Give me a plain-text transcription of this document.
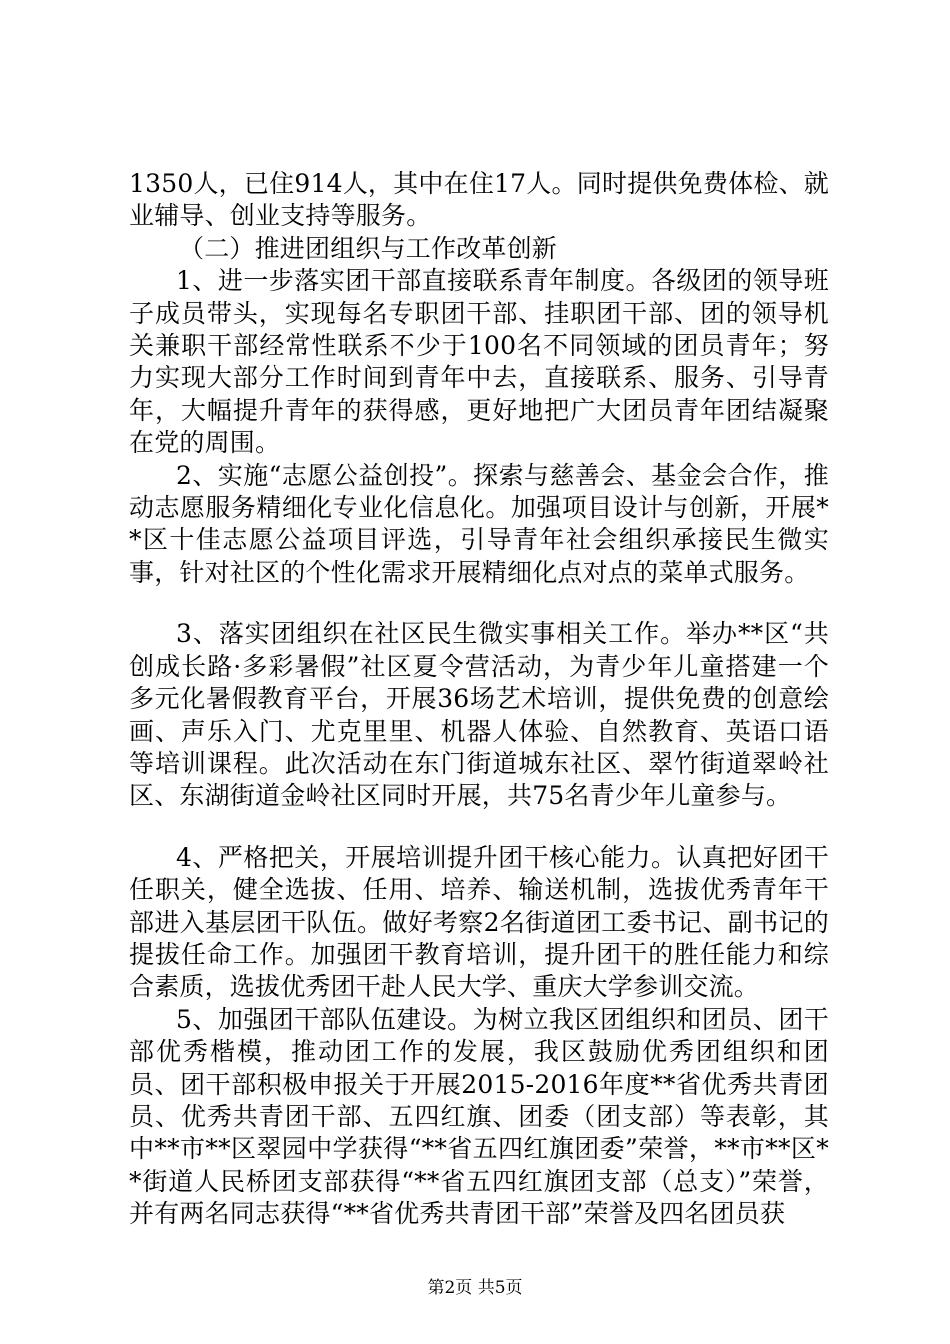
1350人，已住914人，其中在住17人。同时提供免费体检、就业辅导、创业支持等服务。

（二）推进团组织与工作改革创新

1、进一步落实团干部直接联系青年制度。各级团的领导班子成员带头，实现每名专职团干部、挂职团干部、团的领导机关兼职干部经常性联系不少于100名不同领域的团员青年；努力实现大部分工作时间到青年中去，直接联系、服务、引导青年，大幅提升青年的获得感，更好地把广大团员青年团结凝聚在党的周围。

2、实施“志愿公益创投”。探索与慈善会、基金会合作，推动志愿服务精细化专业化信息化。加强项目设计与创新，开展**区十佳志愿公益项目评选，引导青年社会组织承接民生微实事，针对社区的个性化需求开展精细化点对点的菜单式服务。

3、落实团组织在社区民生微实事相关工作。举办**区“共创成长路·多彩暑假”社区夏令营活动，为青少年儿童搭建一个多元化暑假教育平台，开展36场艺术培训，提供免费的创意绘画、声乐入门、尤克里里、机器人体验、自然教育、英语口语等培训课程。此次活动在东门街道城东社区、翠竹街道翠岭社区、东湖街道金岭社区同时开展，共75名青少年儿童参与。

4、严格把关，开展培训提升团干核心能力。认真把好团干任职关，健全选拔、任用、培养、输送机制，选拔优秀青年干部进入基层团干队伍。做好考察2名街道团工委书记、副书记的提拔任命工作。加强团干教育培训，提升团干的胜任能力和综合素质，选拔优秀团干赴人民大学、重庆大学参训交流。

5、加强团干部队伍建设。为树立我区团组织和团员、团干部优秀楷模，推动团工作的发展，我区鼓励优秀团组织和团员、团干部积极申报关于开展2015-2016年度**省优秀共青团员、优秀共青团干部、五四红旗、团委（团支部）等表彰，其中**市**区翠园中学获得“**省五四红旗团委”荣誉，**市**区**街道人民桥团支部获得“**省五四红旗团支部（总支）”荣誉，并有两名同志获得“**省优秀共青团干部”荣誉及四名团员获

第2页 共5页
